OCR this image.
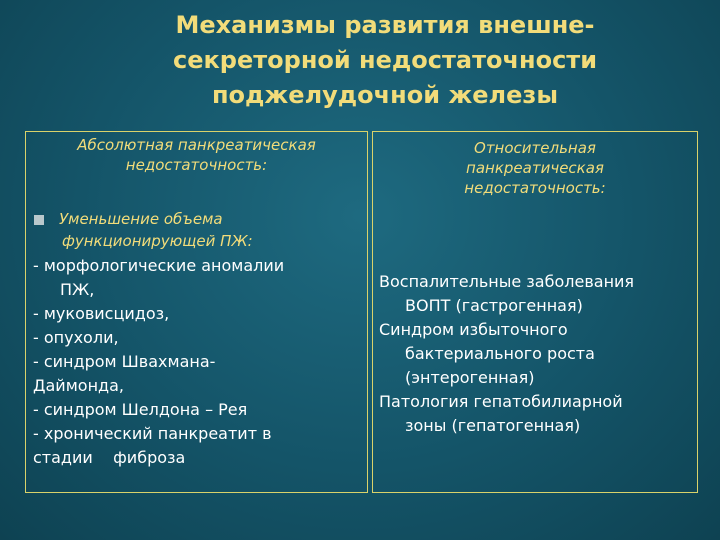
Механизмы развития внешне-
секреторной недостаточности
поджелудочной железы

Абсолютная панкреатическая
недостаточность:

Уменьшение объема
функционирующей ПЖ:
- морфологические аномалии
ПЖ,
- муковисцидоз,
- опухоли,
- синдром Швахмана-
Даймонда,
- синдром Шелдона – Рея
- хронический панкреатит в
стадии    фиброза

Относительная
панкреатическая
недостаточность:

Воспалительные заболевания
ВОПТ (гастрогенная)
Синдром избыточного
бактериального роста
(энтерогенная)
Патология гепатобилиарной
зоны (гепатогенная)
